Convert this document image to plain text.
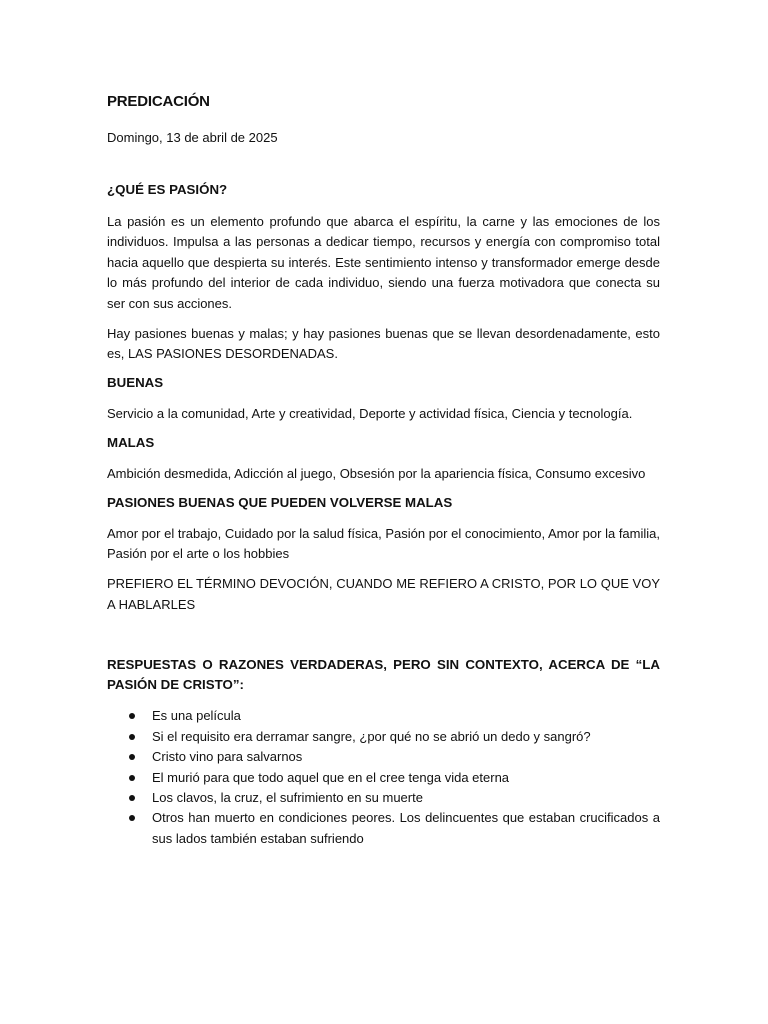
PREDICACIÓN

Domingo, 13 de abril de 2025

¿QUÉ ES PASIÓN?

La pasión es un elemento profundo que abarca el espíritu, la carne y las emociones de los individuos. Impulsa a las personas a dedicar tiempo, recursos y energía con compromiso total hacia aquello que despierta su interés. Este sentimiento intenso y transformador emerge desde lo más profundo del interior de cada individuo, siendo una fuerza motivadora que conecta su ser con sus acciones.

Hay pasiones buenas y malas; y hay pasiones buenas que se llevan desordenadamente, esto es, LAS PASIONES DESORDENADAS.

BUENAS

Servicio a la comunidad, Arte y creatividad, Deporte y actividad física, Ciencia y tecnología.

MALAS

Ambición desmedida, Adicción al juego, Obsesión por la apariencia física, Consumo excesivo

PASIONES BUENAS QUE PUEDEN VOLVERSE MALAS

Amor por el trabajo, Cuidado por la salud física, Pasión por el conocimiento, Amor por la familia, Pasión por el arte o los hobbies

PREFIERO EL TÉRMINO DEVOCIÓN, CUANDO ME REFIERO A CRISTO, POR LO QUE VOY A HABLARLES

RESPUESTAS O RAZONES VERDADERAS, PERO SIN CONTEXTO, ACERCA DE “LA PASIÓN DE CRISTO”:
Es una película
Si el requisito era derramar sangre, ¿por qué no se abrió un dedo y sangró?
Cristo vino para salvarnos
El murió para que todo aquel que en el cree tenga vida eterna
Los clavos, la cruz, el sufrimiento en su muerte
Otros han muerto en condiciones peores. Los delincuentes que estaban crucificados a sus lados también estaban sufriendo
